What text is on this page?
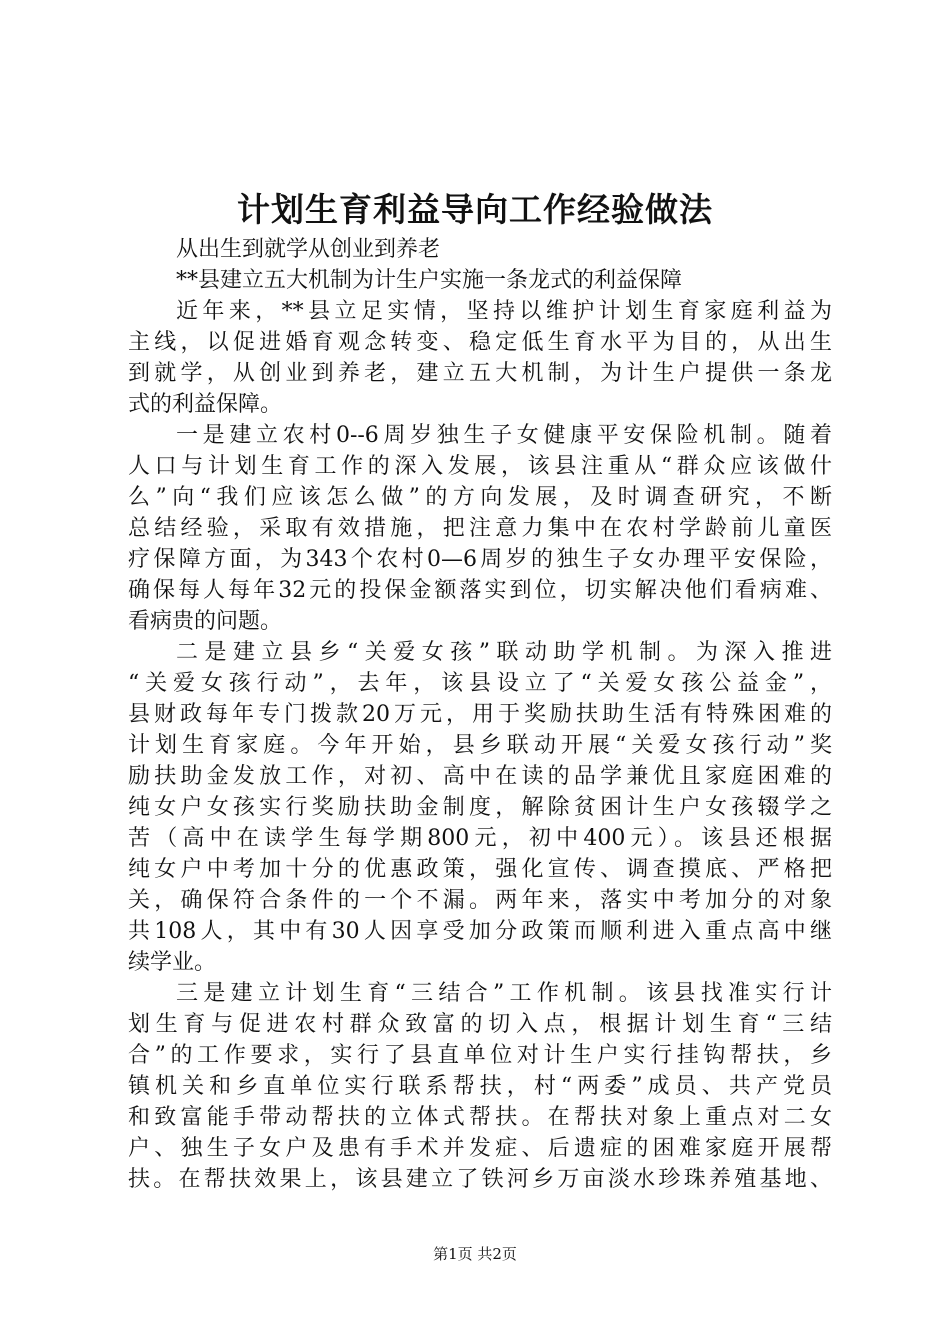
计划生育利益导向工作经验做法
从出生到就学从创业到养老
**县建立五大机制为计生户实施一条龙式的利益保障
近年来，**县立足实情，坚持以维护计划生育家庭利益为
主线，以促进婚育观念转变、稳定低生育水平为目的，从出生
到就学，从创业到养老，建立五大机制，为计生户提供一条龙
式的利益保障。
一是建立农村0--6周岁独生子女健康平安保险机制。随着
人口与计划生育工作的深入发展，该县注重从“群众应该做什
么”向“我们应该怎么做”的方向发展，及时调查研究，不断
总结经验，采取有效措施，把注意力集中在农村学龄前儿童医
疗保障方面，为343个农村0—6周岁的独生子女办理平安保险，
确保每人每年32元的投保金额落实到位，切实解决他们看病难、
看病贵的问题。
二是建立县乡“关爱女孩”联动助学机制。为深入推进
“关爱女孩行动”，去年，该县设立了“关爱女孩公益金”，
县财政每年专门拨款20万元，用于奖励扶助生活有特殊困难的
计划生育家庭。今年开始，县乡联动开展“关爱女孩行动”奖
励扶助金发放工作，对初、高中在读的品学兼优且家庭困难的
纯女户女孩实行奖励扶助金制度，解除贫困计生户女孩辍学之
苦（高中在读学生每学期800元，初中400元）。该县还根据
纯女户中考加十分的优惠政策，强化宣传、调查摸底、严格把
关，确保符合条件的一个不漏。两年来，落实中考加分的对象
共108人，其中有30人因享受加分政策而顺利进入重点高中继
续学业。
三是建立计划生育“三结合”工作机制。该县找准实行计
划生育与促进农村群众致富的切入点，根据计划生育“三结
合”的工作要求，实行了县直单位对计生户实行挂钩帮扶，乡
镇机关和乡直单位实行联系帮扶，村“两委”成员、共产党员
和致富能手带动帮扶的立体式帮扶。在帮扶对象上重点对二女
户、独生子女户及患有手术并发症、后遗症的困难家庭开展帮
扶。在帮扶效果上，该县建立了铁河乡万亩淡水珍珠养殖基地、
第1页 共2页
